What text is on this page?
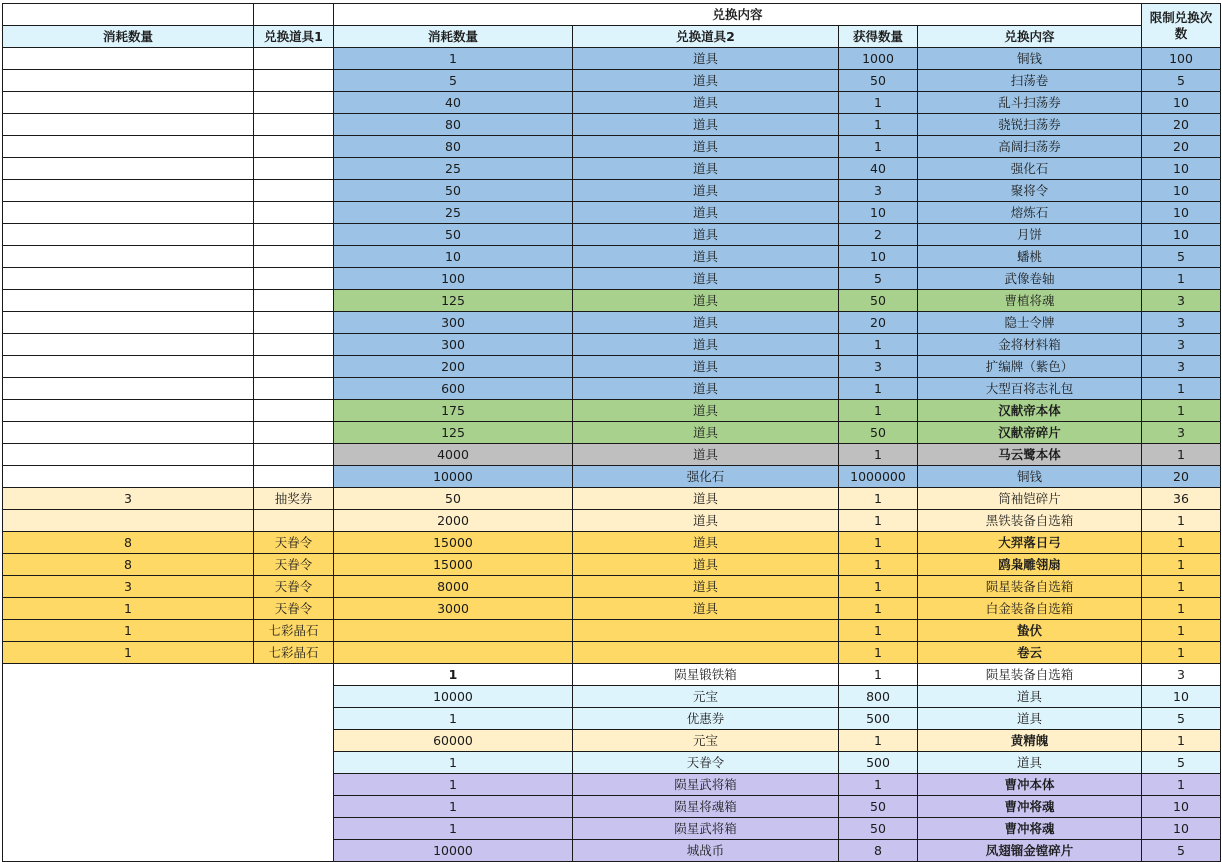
		兑换内容				限制兑换次数
消耗数量	兑换道具1	消耗数量	兑换道具2	获得数量	兑换内容	
		1	道具	1000	铜钱	100
		5	道具	50	扫荡卷	5
		40	道具	1	乱斗扫荡券	10
		80	道具	1	骁锐扫荡券	20
		80	道具	1	高阔扫荡券	20
		25	道具	40	强化石	10
		50	道具	3	聚将令	10
		25	道具	10	熔炼石	10
		50	道具	2	月饼	10
		10	道具	10	蟠桃	5
		100	道具	5	武像卷轴	1
		125	道具	50	曹植将魂	3
		300	道具	20	隐士令牌	3
		300	道具	1	金将材料箱	3
		200	道具	3	扩编牌（紫色）	3
		600	道具	1	大型百将志礼包	1
		175	道具	1	汉献帝本体	1
		125	道具	50	汉献帝碎片	3
		4000	道具	1	马云鹭本体	1
		10000	强化石	1000000	铜钱	20
3	抽奖券	50	道具	1	筒袖铠碎片	36
		2000	道具	1	黑铁装备自选箱	1
8	天眷令	15000	道具	1	大羿落日弓	1
8	天眷令	15000	道具	1	鸥枭雕翎扇	1
3	天眷令	8000	道具	1	陨星装备自选箱	1
1	天眷令	3000	道具	1	白金装备自选箱	1
1	七彩晶石			1	蛰伏	1
1	七彩晶石			1	卷云	1
		1	陨星锻铁箱	1	陨星装备自选箱	3
		10000	元宝	800	道具	10
		1	优惠券	500	道具	5
		60000	元宝	1	黄精魄	1
		1	天眷令	500	道具	5
		1	陨星武将箱	1	曹冲本体	1
		1	陨星将魂箱	50	曹冲将魂	10
		1	陨星武将箱	50	曹冲将魂	10
		10000	城战币	8	凤翅镏金镗碎片	5
